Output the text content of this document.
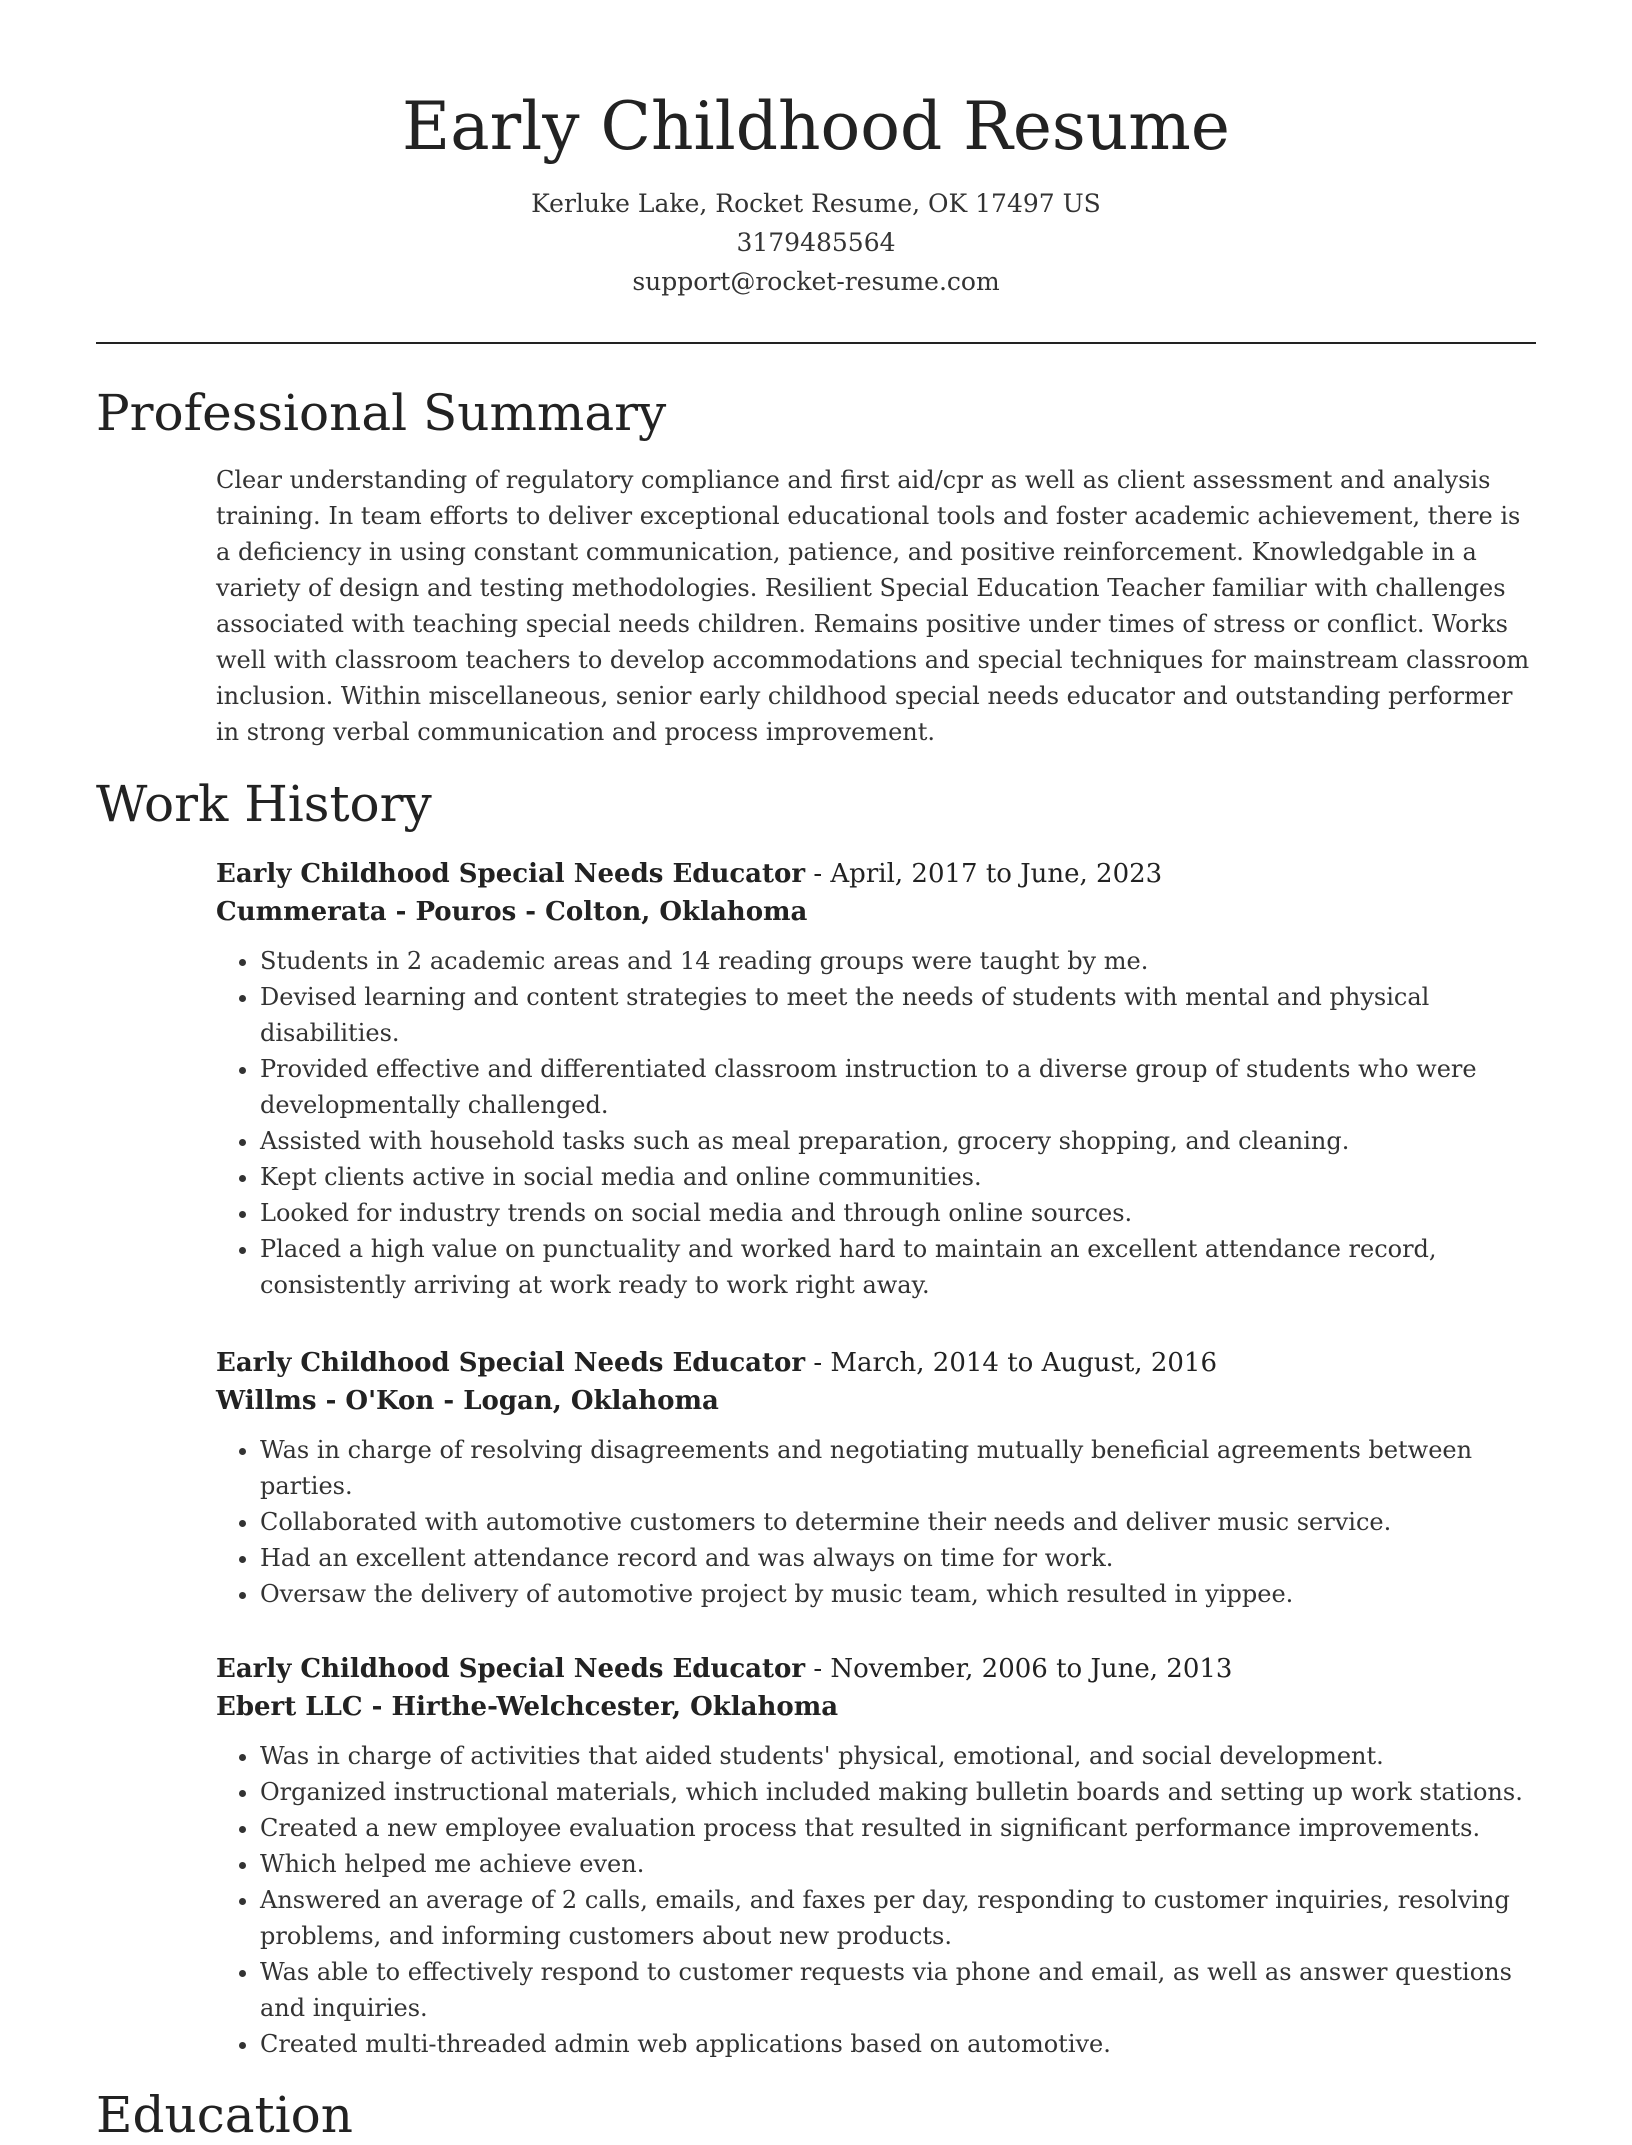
Early Childhood Resume
Kerluke Lake, Rocket Resume, OK 17497 US
3179485564
support@rocket-resume.com
Professional Summary

Clear understanding of regulatory compliance and first aid/cpr as well as client assessment and analysis training. In team efforts to deliver exceptional educational tools and foster academic achievement, there is a deficiency in using constant communication, patience, and positive reinforcement. Knowledgable in a variety of design and testing methodologies. Resilient Special Education Teacher familiar with challenges associated with teaching special needs children. Remains positive under times of stress or conflict. Works well with classroom teachers to develop accommodations and special techniques for mainstream classroom inclusion. Within miscellaneous, senior early childhood special needs educator and outstanding performer in strong verbal communication and process improvement.

Work History
Early Childhood Special Needs Educator - April, 2017 to June, 2023
Cummerata - Pouros - Colton, Oklahoma
• Students in 2 academic areas and 14 reading groups were taught by me.
• Devised learning and content strategies to meet the needs of students with mental and physical disabilities.
• Provided effective and differentiated classroom instruction to a diverse group of students who were developmentally challenged.
• Assisted with household tasks such as meal preparation, grocery shopping, and cleaning.
• Kept clients active in social media and online communities.
• Looked for industry trends on social media and through online sources.
• Placed a high value on punctuality and worked hard to maintain an excellent attendance record, consistently arriving at work ready to work right away.
Early Childhood Special Needs Educator - March, 2014 to August, 2016
Willms - O'Kon - Logan, Oklahoma
• Was in charge of resolving disagreements and negotiating mutually beneficial agreements between parties.
• Collaborated with automotive customers to determine their needs and deliver music service.
• Had an excellent attendance record and was always on time for work.
• Oversaw the delivery of automotive project by music team, which resulted in yippee.
Early Childhood Special Needs Educator - November, 2006 to June, 2013
Ebert LLC - Hirthe-Welchcester, Oklahoma
• Was in charge of activities that aided students' physical, emotional, and social development.
• Organized instructional materials, which included making bulletin boards and setting up work stations.
• Created a new employee evaluation process that resulted in significant performance improvements.
• Which helped me achieve even.
• Answered an average of 2 calls, emails, and faxes per day, responding to customer inquiries, resolving problems, and informing customers about new products.
• Was able to effectively respond to customer requests via phone and email, as well as answer questions and inquiries.
• Created multi-threaded admin web applications based on automotive.
Education
